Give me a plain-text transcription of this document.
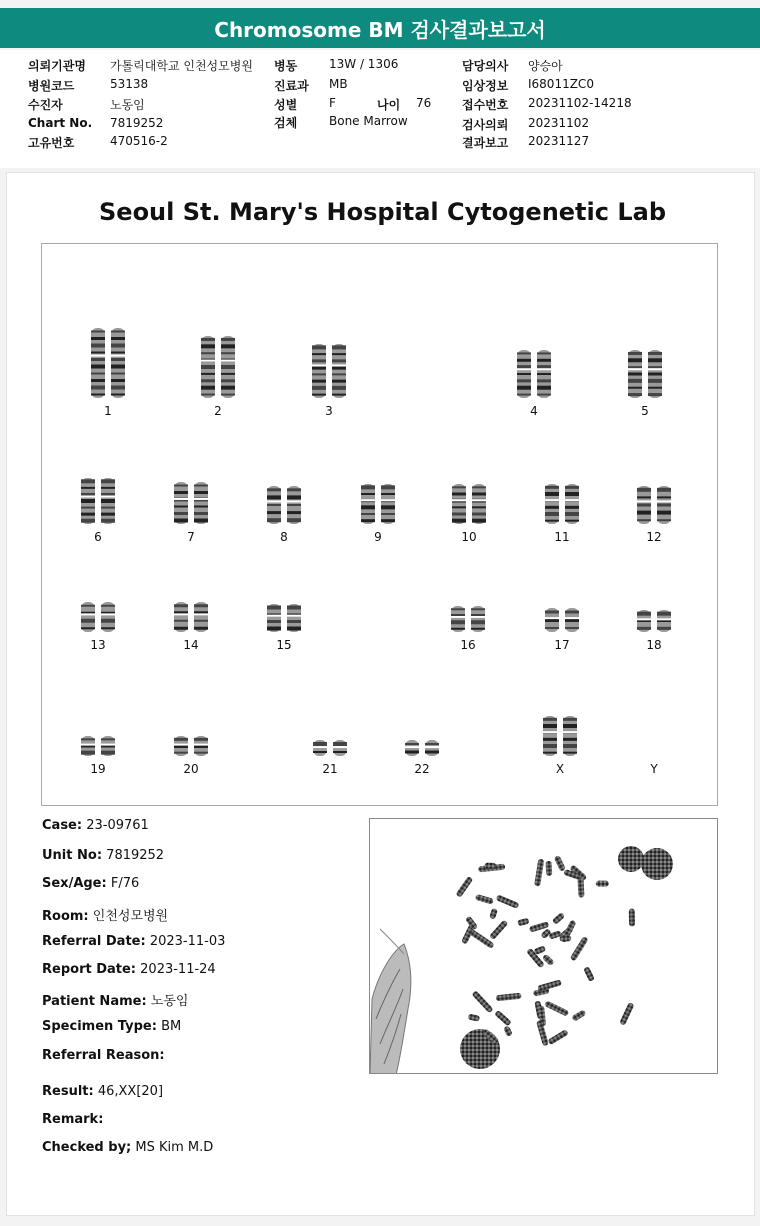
Chromosome BM 검사결과보고서
의뢰기관명 가톨릭대학교 인천성모병원
병원코드	53138
수진자	노동임
Chart No. 7819252
고유번호	470516-2
병동	13W / 1306
진료과 MB
성별	F	나이 76
검체	Bone Marrow
담당의사 양승아
임상정보 I68011ZC0
접수번호 20231102-14218
검사의뢰 20231102
결과보고 20231127
Seoul St. Mary's Hospital Cytogenetic Lab
1	2	3	4	5
6	7	8	9	10	11	12
13	14	15	16	17	18
19	20	21	22	X	Y
Case: 23-09761
Unit No: 7819252
Sex/Age: F/76
Room: 인천성모병원
Referral Date: 2023-11-03
Report Date: 2023-11-24
Patient Name: 노동임
Specimen Type: BM
Referral Reason:
Result: 46,XX[20]
Remark:
Checked by; MS Kim M.D
